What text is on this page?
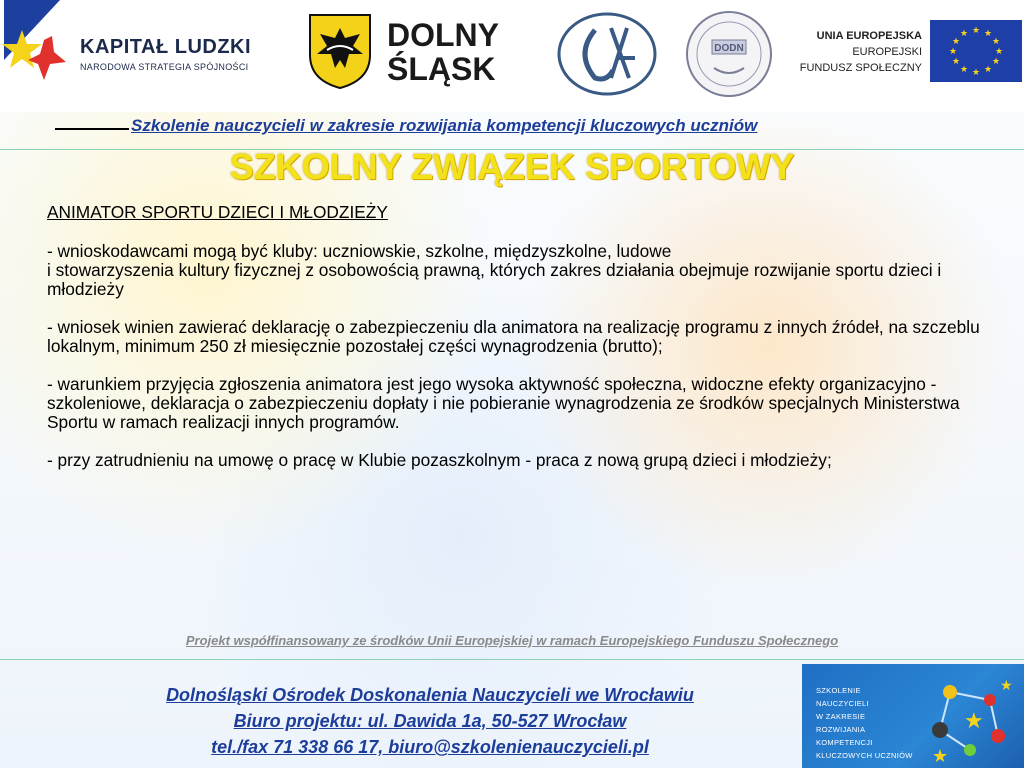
KAPITAŁ LUDZKI
NARODOWA STRATEGIA SPÓJNOŚCI
DOLNY
ŚLĄSK
DODN
UNIA EUROPEJSKA
EUROPEJSKI
FUNDUSZ SPOŁECZNY
★ ★
★
★
★
★
★
★
★
★
★
★
Szkolenie nauczycieli w zakresie rozwijania kompetencji kluczowych uczniów
SZKOLNY ZWIĄZEK SPORTOWY
ANIMATOR SPORTU DZIECI I MŁODZIEŻY
- wnioskodawcami mogą być kluby: uczniowskie, szkolne, międzyszkolne, ludowe

i stowarzyszenia kultury fizycznej z osobowością prawną, których zakres działania obejmuje rozwijanie sportu dzieci i młodzieży

- wniosek winien zawierać deklarację o zabezpieczeniu dla animatora na realizację programu z innych źródeł, na szczeblu lokalnym, minimum 250 zł miesięcznie pozostałej części wynagrodzenia (brutto);

- warunkiem przyjęcia zgłoszenia animatora jest jego wysoka aktywność społeczna, widoczne efekty organizacyjno - szkoleniowe, deklaracja o zabezpieczeniu dopłaty i nie pobieranie wynagrodzenia ze środków specjalnych Ministerstwa Sportu w ramach realizacji innych programów.

- przy zatrudnieniu na umowę o pracę w Klubie pozaszkolnym - praca z nową grupą dzieci i młodzieży;

Projekt współfinansowany ze środków Unii Europejskiej w ramach Europejskiego Funduszu Społecznego
Dolnośląski Ośrodek Doskonalenia Nauczycieli we Wrocławiu
Biuro projektu: ul. Dawida 1a, 50-527 Wrocław
tel./fax 71 338 66 17, biuro@szkolenienauczycieli.pl
SZKOLENIE NAUCZYCIELI
W ZAKRESIE
ROZWIJANIA
KOMPETENCJI
KLUCZOWYCH UCZNIÓW
★
★
★
